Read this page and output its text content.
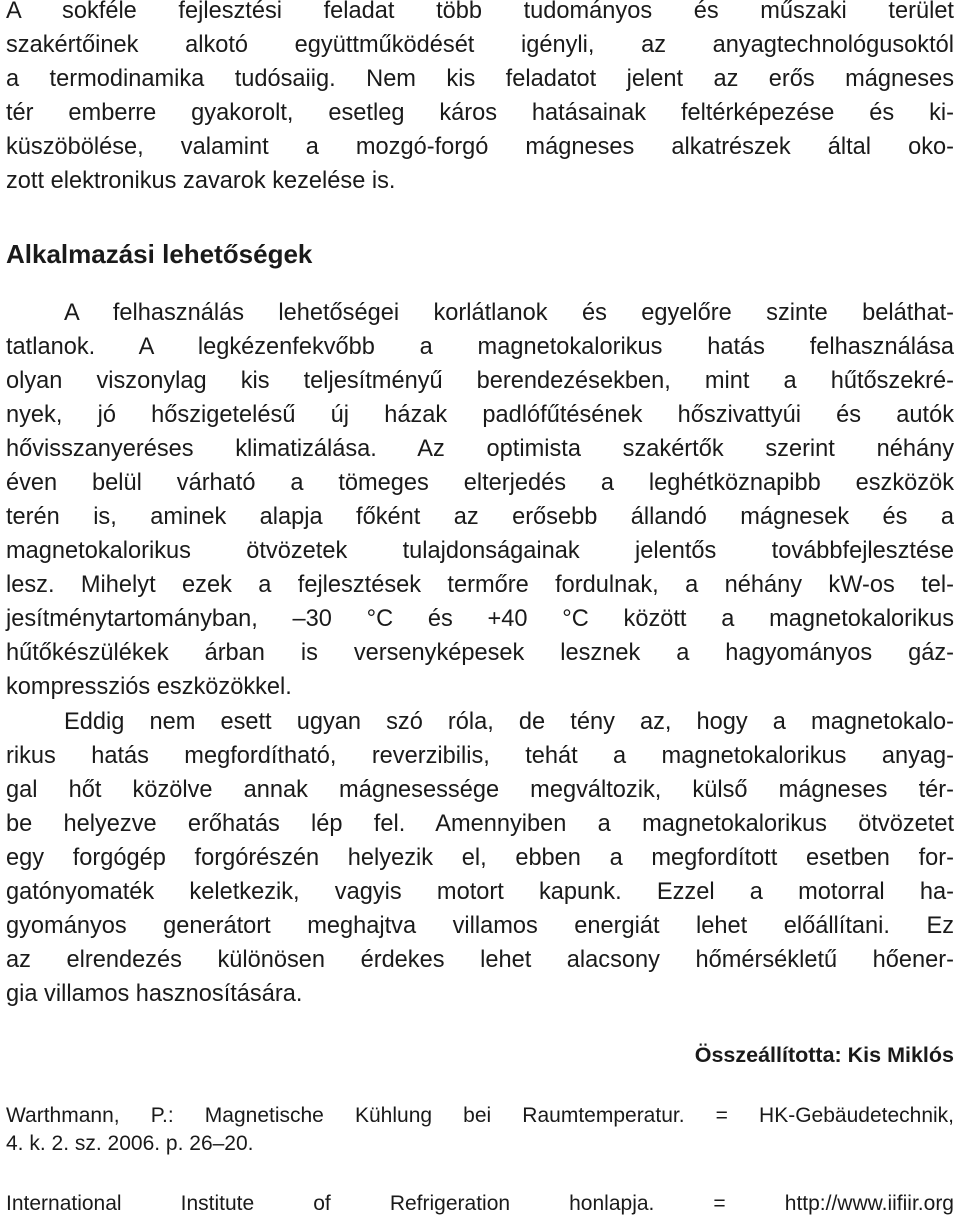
A sokféle fejlesztési feladat több tudományos és műszaki terület
szakértőinek alkotó együttműködését igényli, az anyagtechnológusoktól
a termodinamika tudósaiig. Nem kis feladatot jelent az erős mágneses
tér emberre gyakorolt, esetleg káros hatásainak feltérképezése és ki-
küszöbölése, valamint a mozgó-forgó mágneses alkatrészek által oko-
zott elektronikus zavarok kezelése is.
Alkalmazási lehetőségek
A felhasználás lehetőségei korlátlanok és egyelőre szinte beláthat-
tatlanok. A legkézenfekvőbb a magnetokalorikus hatás felhasználása
olyan viszonylag kis teljesítményű berendezésekben, mint a hűtőszekré-
nyek, jó hőszigetelésű új házak padlófűtésének hőszivattyúi és autók
hővisszanyeréses klimatizálása. Az optimista szakértők szerint néhány
éven belül várható a tömeges elterjedés a leghétköznapibb eszközök
terén is, aminek alapja főként az erősebb állandó mágnesek és a
magnetokalorikus ötvözetek tulajdonságainak jelentős továbbfejlesztése
lesz. Mihelyt ezek a fejlesztések termőre fordulnak, a néhány kW-os tel-
jesítménytartományban, –30 °C és +40 °C között a magnetokalorikus
hűtőkészülékek árban is versenyképesek lesznek a hagyományos gáz-
kompressziós eszközökkel.
Eddig nem esett ugyan szó róla, de tény az, hogy a magnetokalo-
rikus hatás megfordítható, reverzibilis, tehát a magnetokalorikus anyag-
gal hőt közölve annak mágnesessége megváltozik, külső mágneses tér-
be helyezve erőhatás lép fel. Amennyiben a magnetokalorikus ötvözetet
egy forgógép forgórészén helyezik el, ebben a megfordított esetben for-
gatónyomaték keletkezik, vagyis motort kapunk. Ezzel a motorral ha-
gyományos generátort meghajtva villamos energiát lehet előállítani. Ez
az elrendezés különösen érdekes lehet alacsony hőmérsékletű hőener-
gia villamos hasznosítására.

Összeállította: Kis Miklós

Warthmann, P.: Magnetische Kühlung bei Raumtemperatur. = HK-Gebäudetechnik,
4. k. 2. sz. 2006. p. 26–20.
International Institute of Refrigeration honlapja. = http://www.iifiir.org
